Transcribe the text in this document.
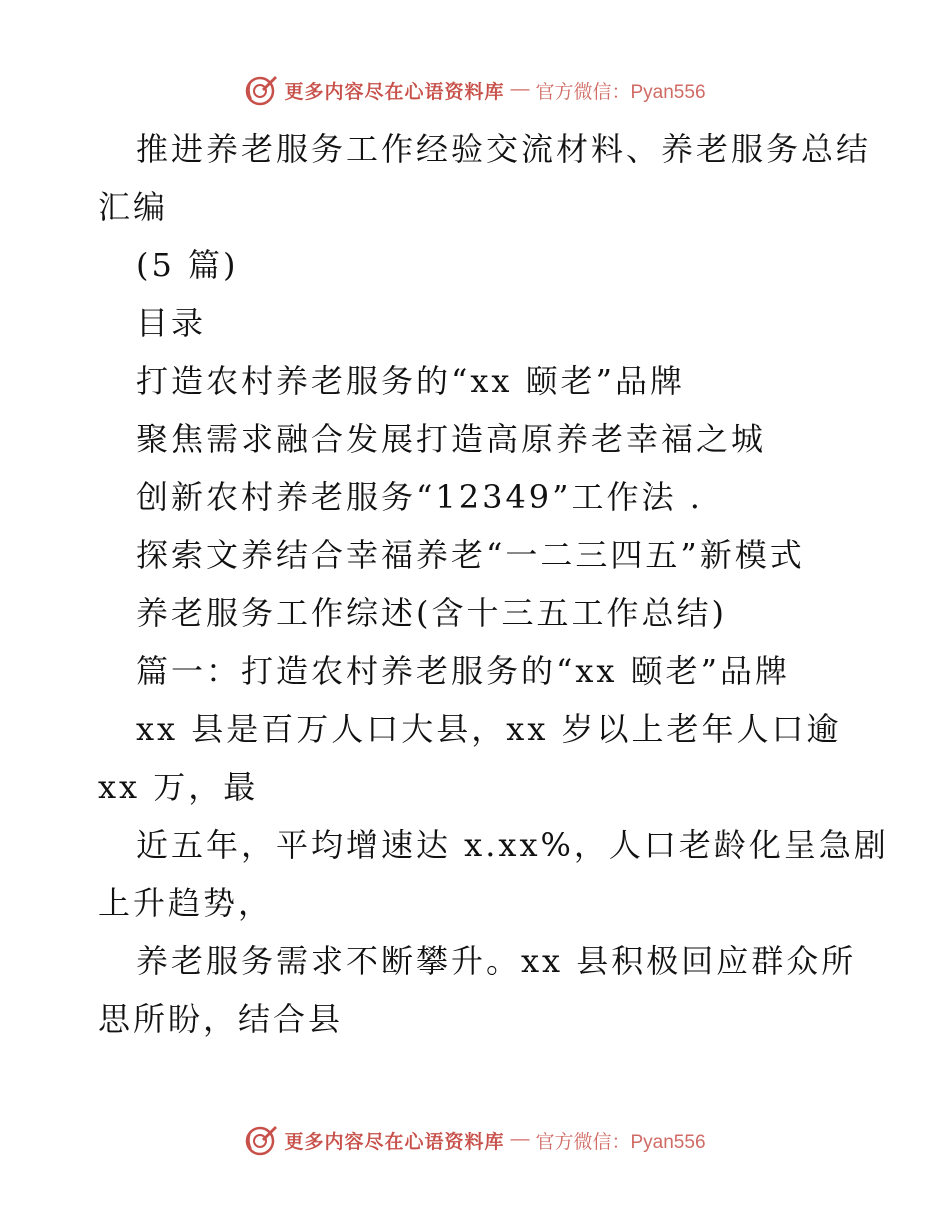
更多内容尽在心语资料库 — 官方微信：Pyan556
推进养老服务工作经验交流材料、养老服务总结
汇编
(5 篇)
目录
打造农村养老服务的“xx 颐老”品牌
聚焦需求融合发展打造高原养老幸福之城
创新农村养老服务“12349”工作法 .
探索文养结合幸福养老“一二三四五”新模式
养老服务工作综述(含十三五工作总结)
篇一：打造农村养老服务的“xx 颐老”品牌
xx 县是百万人口大县，xx 岁以上老年人口逾
xx 万，最
近五年，平均增速达 x.xx%，人口老龄化呈急剧
上升趋势，
养老服务需求不断攀升。xx 县积极回应群众所
思所盼，结合县
更多内容尽在心语资料库 — 官方微信：Pyan556
